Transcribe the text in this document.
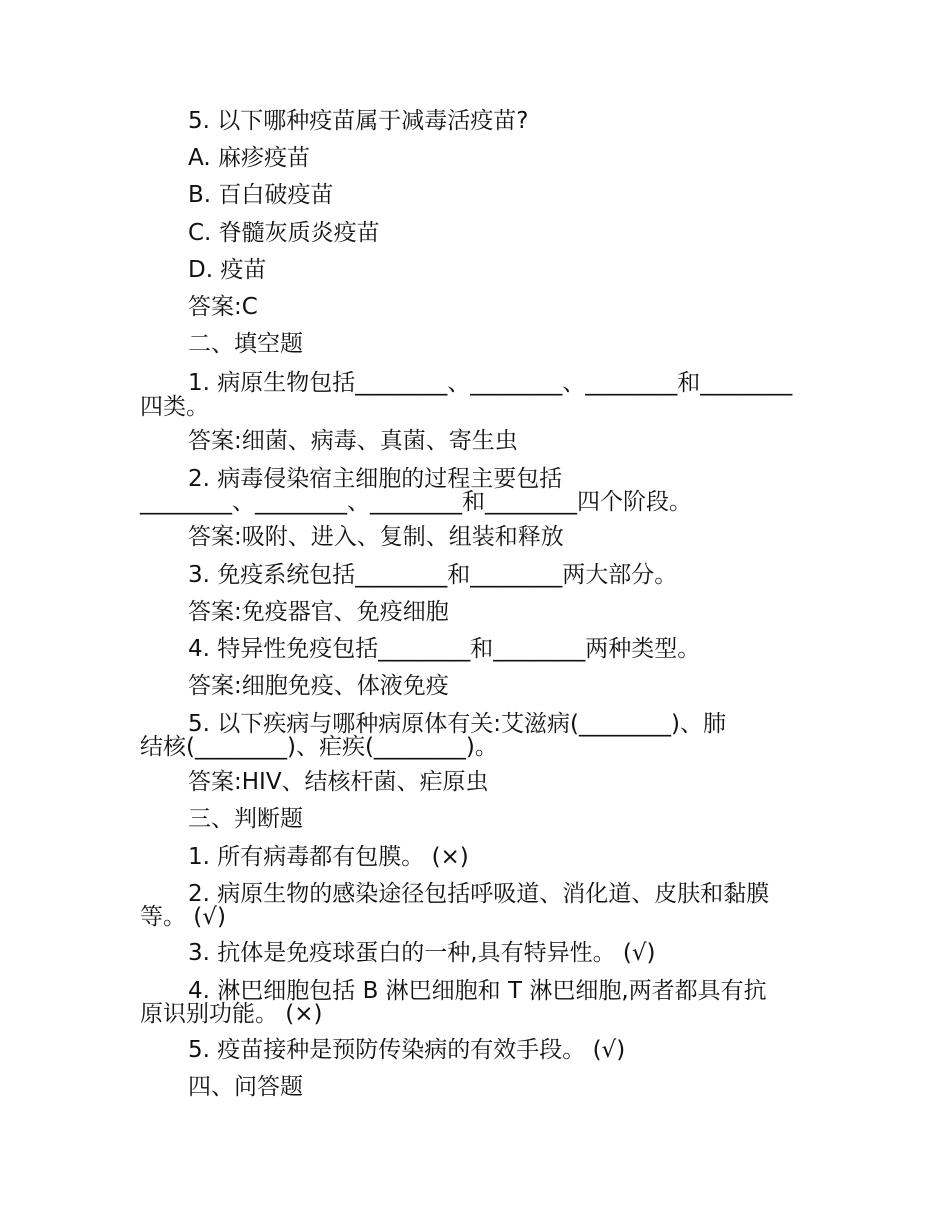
5. 以下哪种疫苗属于减毒活疫苗?

A. 麻疹疫苗

B. 百白破疫苗

C. 脊髓灰质炎疫苗

D. 疫苗

答案:C

二、填空题

1. 病原生物包括________、________、________和________

四类。

答案:细菌、病毒、真菌、寄生虫

2. 病毒侵染宿主细胞的过程主要包括

________、________、________和________四个阶段。

答案:吸附、进入、复制、组装和释放

3. 免疫系统包括________和________两大部分。

答案:免疫器官、免疫细胞

4. 特异性免疫包括________和________两种类型。

答案:细胞免疫、体液免疫

5. 以下疾病与哪种病原体有关:艾滋病(________)、肺

结核(________)、疟疾(________)。

答案:HIV、结核杆菌、疟原虫

三、判断题

1. 所有病毒都有包膜。 (×)

2. 病原生物的感染途径包括呼吸道、消化道、皮肤和黏膜

等。 (√)

3. 抗体是免疫球蛋白的一种,具有特异性。 (√)

4. 淋巴细胞包括 B 淋巴细胞和 T 淋巴细胞,两者都具有抗

原识别功能。 (×)

5. 疫苗接种是预防传染病的有效手段。 (√)

四、问答题
